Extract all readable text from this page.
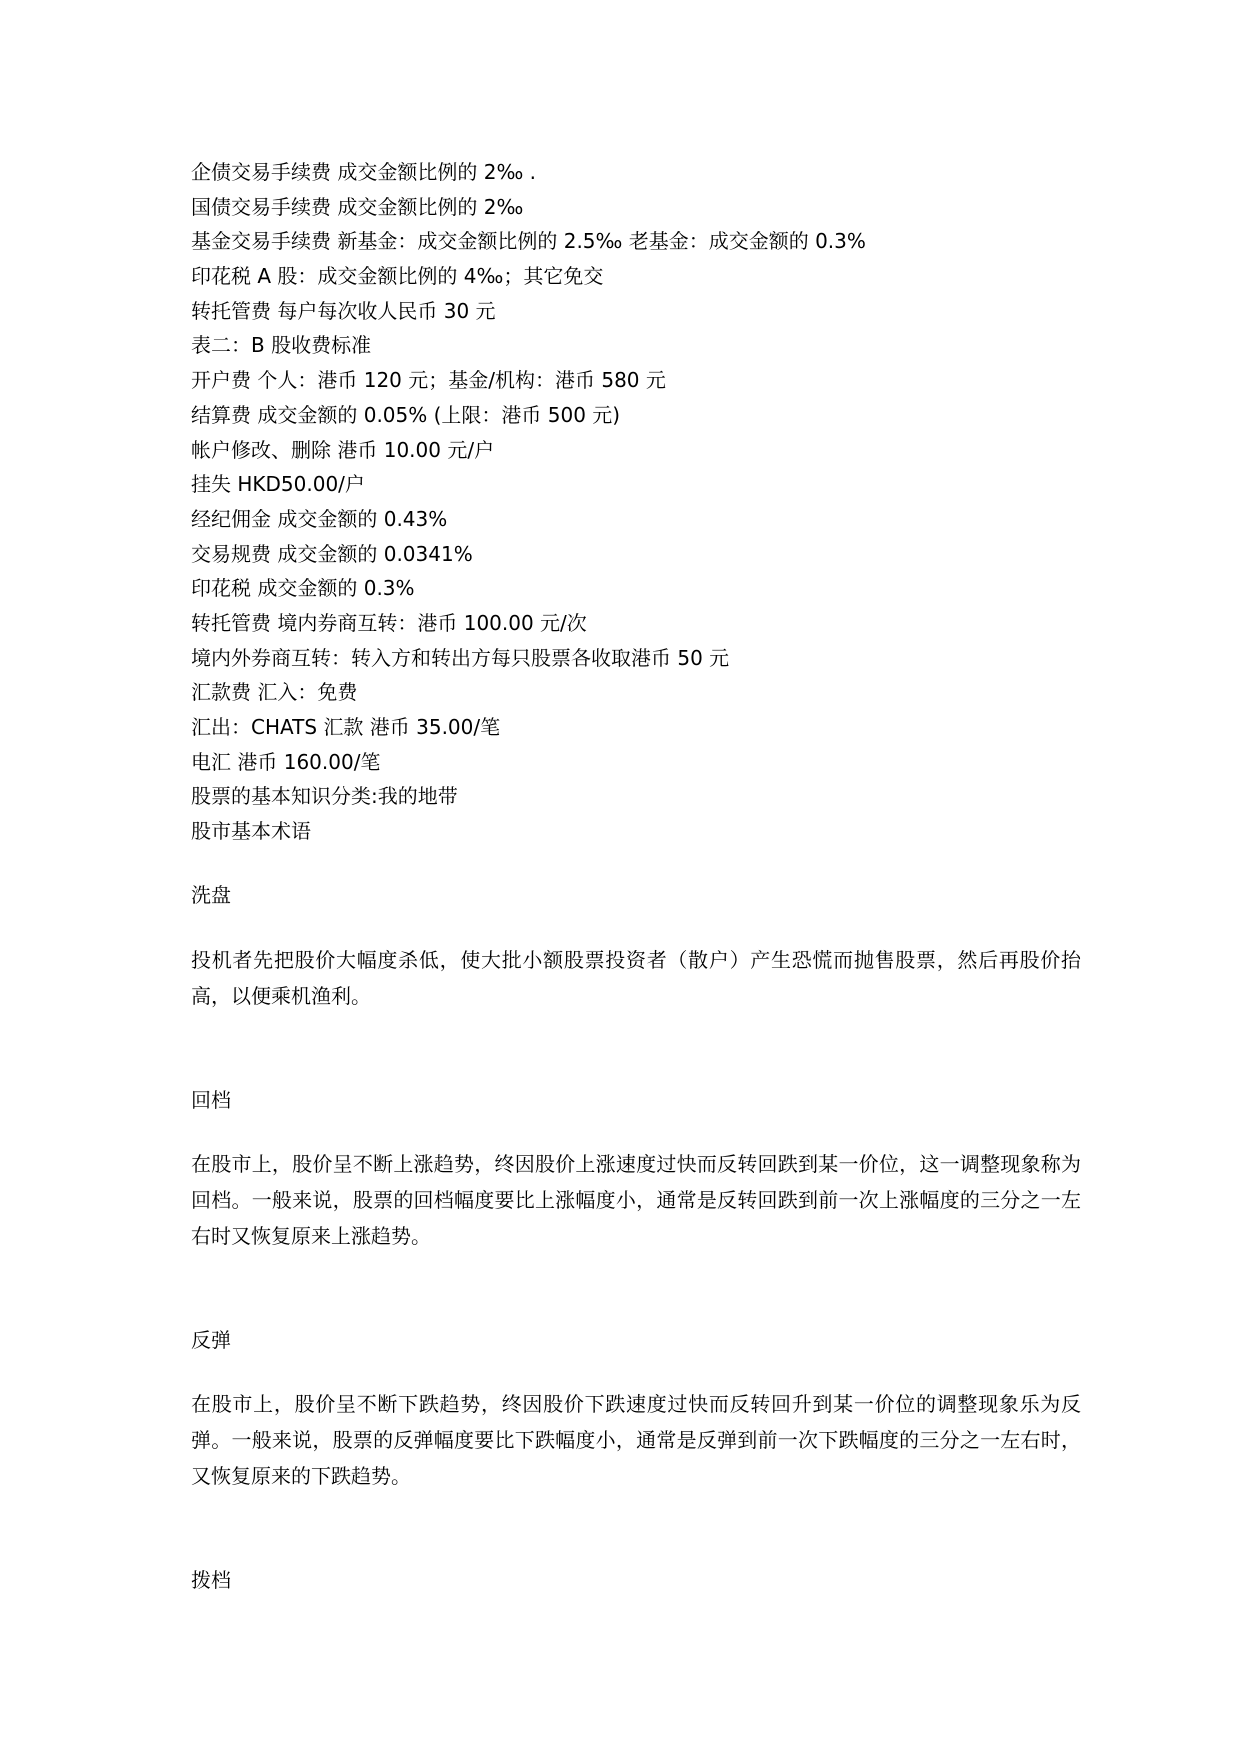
企债交易手续费 成交金额比例的 2‰ .
国债交易手续费 成交金额比例的 2‰
基金交易手续费 新基金：成交金额比例的 2.5‰ 老基金：成交金额的 0.3%
印花税 A 股：成交金额比例的 4‰；其它免交
转托管费 每户每次收人民币 30 元
表二：B 股收费标准
开户费 个人：港币 120 元；基金/机构：港币 580 元
结算费 成交金额的 0.05% (上限：港币 500 元)
帐户修改、删除 港币 10.00 元/户
挂失 HKD50.00/户
经纪佣金 成交金额的 0.43%
交易规费 成交金额的 0.0341%
印花税 成交金额的 0.3%
转托管费 境内券商互转：港币 100.00 元/次
境内外券商互转：转入方和转出方每只股票各收取港币 50 元
汇款费 汇入：免费
汇出：CHATS 汇款 港币 35.00/笔
电汇 港币 160.00/笔
股票的基本知识分类:我的地带
股市基本术语
洗盘
投机者先把股价大幅度杀低，使大批小额股票投资者（散户）产生恐慌而抛售股票，然后再股价抬高，以便乘机渔利。
回档
在股市上，股价呈不断上涨趋势，终因股价上涨速度过快而反转回跌到某一价位，这一调整现象称为回档。一般来说，股票的回档幅度要比上涨幅度小，通常是反转回跌到前一次上涨幅度的三分之一左右时又恢复原来上涨趋势。
反弹
在股市上，股价呈不断下跌趋势，终因股价下跌速度过快而反转回升到某一价位的调整现象乐为反弹。一般来说，股票的反弹幅度要比下跌幅度小，通常是反弹到前一次下跌幅度的三分之一左右时，又恢复原来的下跌趋势。
拨档
